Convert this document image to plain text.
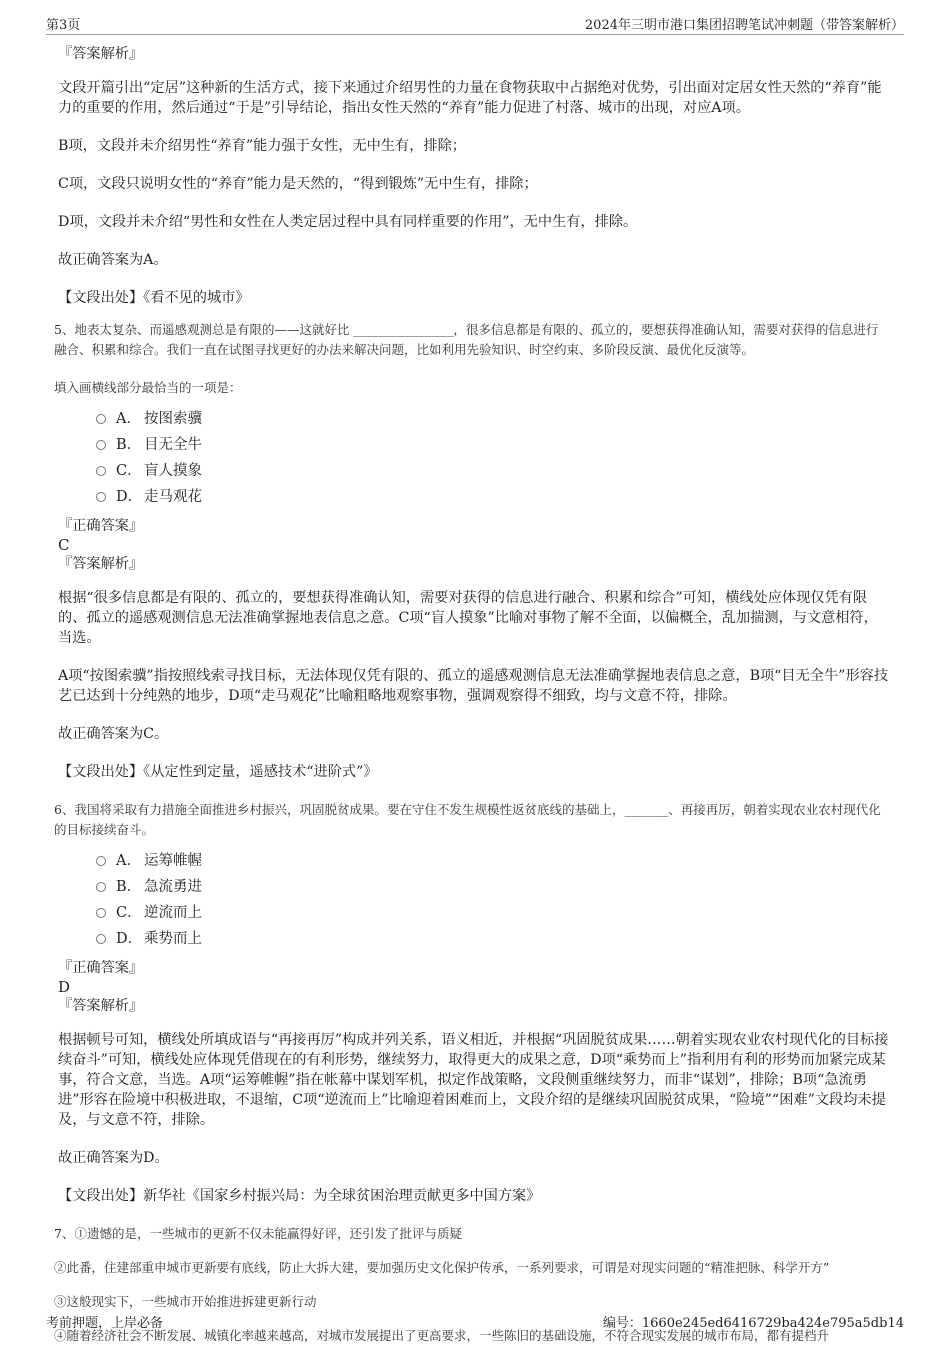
第3页	2024年三明市港口集团招聘笔试冲刺题（带答案解析）

『答案解析』

文段开篇引出“定居”这种新的生活方式，接下来通过介绍男性的力量在食物获取中占据绝对优势，引出面对定居女性天然的“养育”能力的重要的作用，然后通过“于是”引导结论，指出女性天然的“养育”能力促进了村落、城市的出现，对应A项。

B项，文段并未介绍男性“养育”能力强于女性，无中生有，排除；

C项，文段只说明女性的“养育”能力是天然的，“得到锻炼”无中生有，排除；

D项，文段并未介绍“男性和女性在人类定居过程中具有同样重要的作用”，无中生有，排除。

故正确答案为A。

【文段出处】《看不见的城市》

5、地表太复杂、而遥感观测总是有限的——这就好比 ________________，很多信息都是有限的、孤立的，要想获得准确认知，需要对获得的信息进行融合、积累和综合。我们一直在试图寻找更好的办法来解决问题，比如利用先验知识、时空约束、多阶段反演、最优化反演等。

填入画横线部分最恰当的一项是：

A． 按图索骥
B． 目无全牛
C． 盲人摸象
D． 走马观花

『正确答案』

C

『答案解析』

根据“很多信息都是有限的、孤立的，要想获得准确认知，需要对获得的信息进行融合、积累和综合”可知，横线处应体现仅凭有限的、孤立的遥感观测信息无法准确掌握地表信息之意。C项“盲人摸象”比喻对事物了解不全面，以偏概全，乱加揣测，与文意相符，当选。

A项“按图索骥”指按照线索寻找目标，无法体现仅凭有限的、孤立的遥感观测信息无法准确掌握地表信息之意，B项“目无全牛”形容技艺已达到十分纯熟的地步，D项“走马观花”比喻粗略地观察事物，强调观察得不细致，均与文意不符，排除。

故正确答案为C。

【文段出处】《从定性到定量，遥感技术“进阶式”》

6、我国将采取有力措施全面推进乡村振兴，巩固脱贫成果。要在守住不发生规模性返贫底线的基础上，_______、再接再厉，朝着实现农业农村现代化的目标接续奋斗。

A． 运筹帷幄
B． 急流勇进
C． 逆流而上
D． 乘势而上

『正确答案』

D

『答案解析』

根据顿号可知，横线处所填成语与“再接再厉”构成并列关系，语义相近，并根据“巩固脱贫成果……朝着实现农业农村现代化的目标接续奋斗”可知，横线处应体现凭借现在的有利形势，继续努力，取得更大的成果之意，D项“乘势而上”指利用有利的形势而加紧完成某事，符合文意，当选。A项“运筹帷幄”指在帐幕中谋划军机，拟定作战策略，文段侧重继续努力，而非“谋划”，排除；B项“急流勇进”形容在险境中积极进取，不退缩，C项“逆流而上”比喻迎着困难而上，文段介绍的是继续巩固脱贫成果，“险境”“困难”文段均未提及，与文意不符，排除。

故正确答案为D。

【文段出处】新华社《国家乡村振兴局：为全球贫困治理贡献更多中国方案》

7、①遗憾的是，一些城市的更新不仅未能赢得好评，还引发了批评与质疑

②此番，住建部重申城市更新要有底线，防止大拆大建，要加强历史文化保护传承，一系列要求，可谓是对现实问题的“精准把脉、科学开方”

③这般现实下，一些城市开始推进拆建更新行动

④随着经济社会不断发展、城镇化率越来越高，对城市发展提出了更高要求，一些陈旧的基础设施，不符合现实发展的城市布局，都有提档升

考前押题，上岸必备	编号：1660e245ed6416729ba424e795a5db14
